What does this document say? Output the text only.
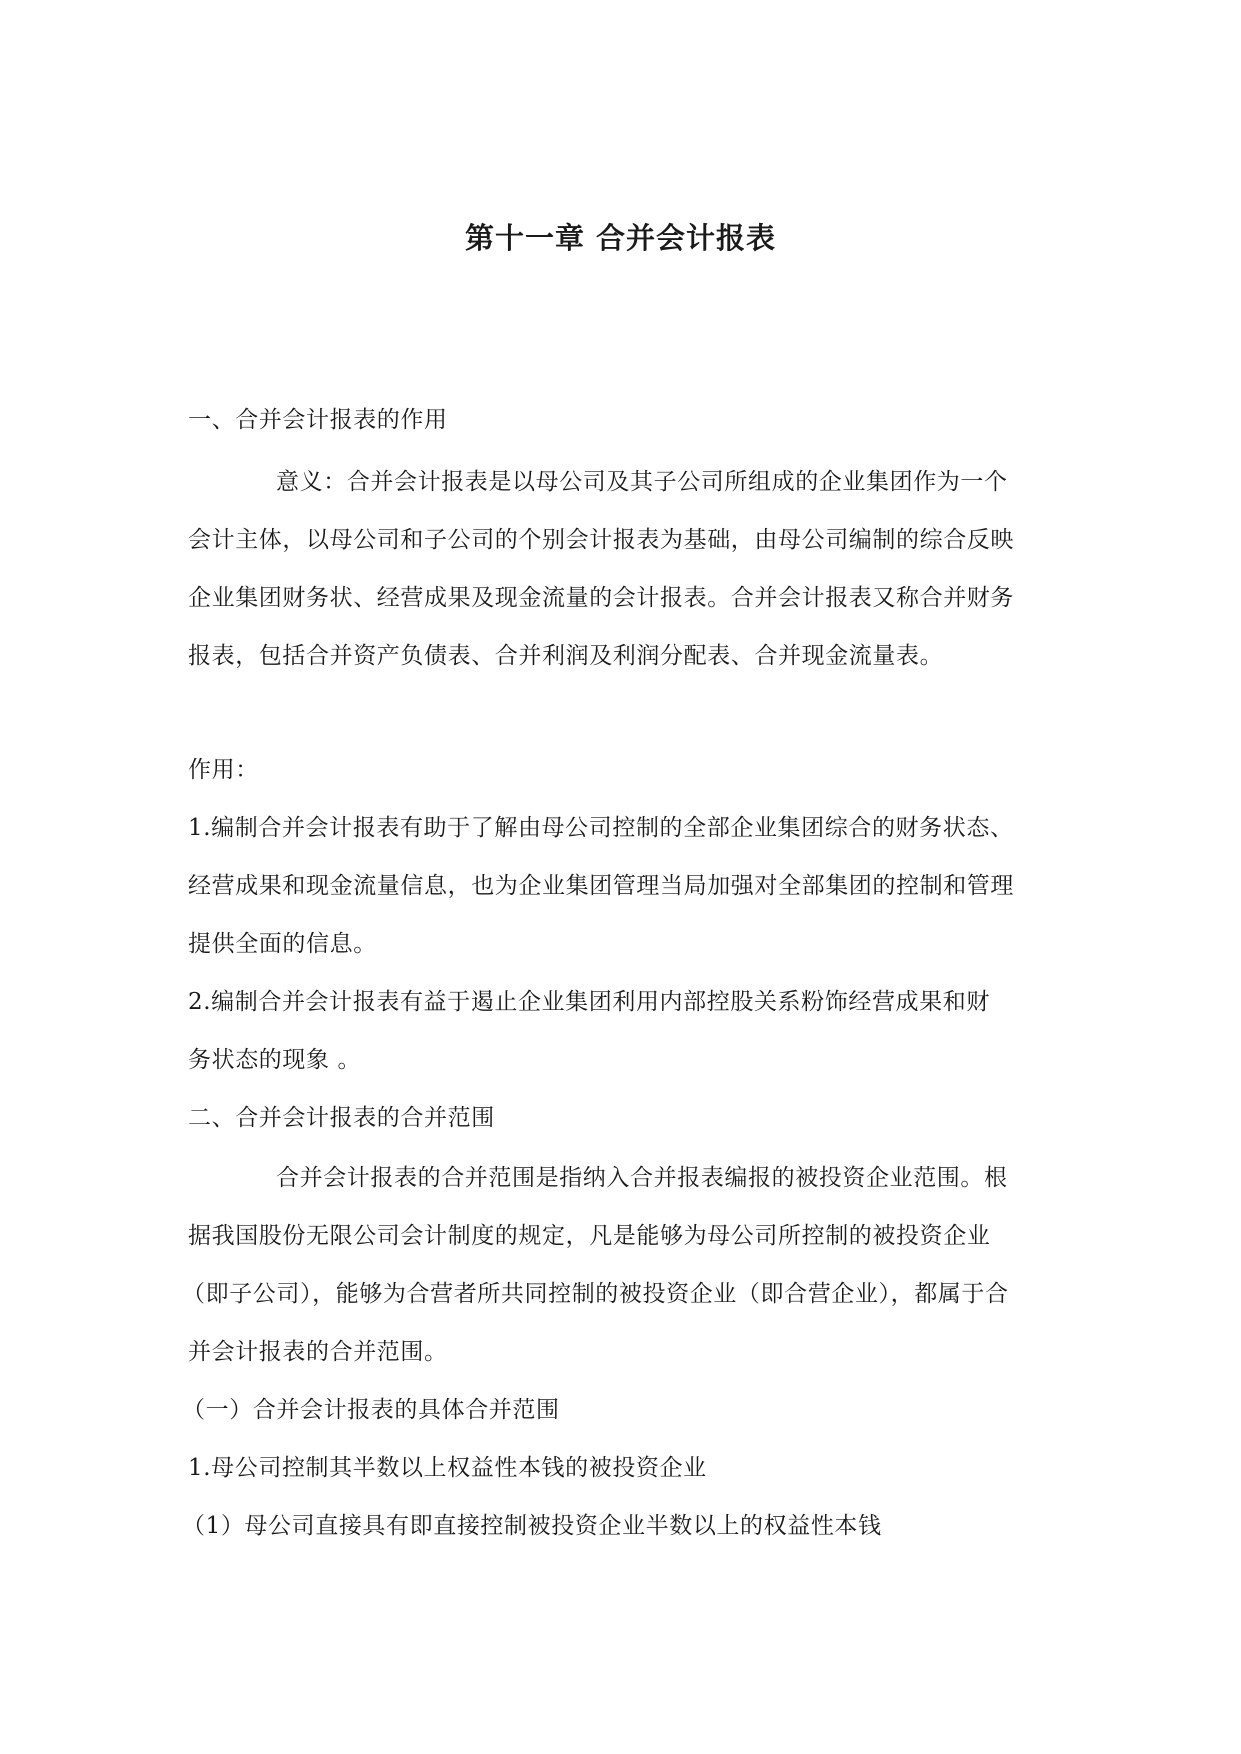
第十一章 合并会计报表
一、合并会计报表的作用
意义：合并会计报表是以母公司及其子公司所组成的企业集团作为一个
会计主体，以母公司和子公司的个别会计报表为基础，由母公司编制的综合反映
企业集团财务状、经营成果及现金流量的会计报表。合并会计报表又称合并财务
报表，包括合并资产负债表、合并利润及利润分配表、合并现金流量表。
作用：
1.编制合并会计报表有助于了解由母公司控制的全部企业集团综合的财务状态、
经营成果和现金流量信息，也为企业集团管理当局加强对全部集团的控制和管理
提供全面的信息。
2.编制合并会计报表有益于遏止企业集团利用内部控股关系粉饰经营成果和财
务状态的现象 。
二、合并会计报表的合并范围
合并会计报表的合并范围是指纳入合并报表编报的被投资企业范围。根
据我国股份无限公司会计制度的规定，凡是能够为母公司所控制的被投资企业
（即子公司），能够为合营者所共同控制的被投资企业（即合营企业），都属于合
并会计报表的合并范围。
（一）合并会计报表的具体合并范围
1.母公司控制其半数以上权益性本钱的被投资企业
（1）母公司直接具有即直接控制被投资企业半数以上的权益性本钱
